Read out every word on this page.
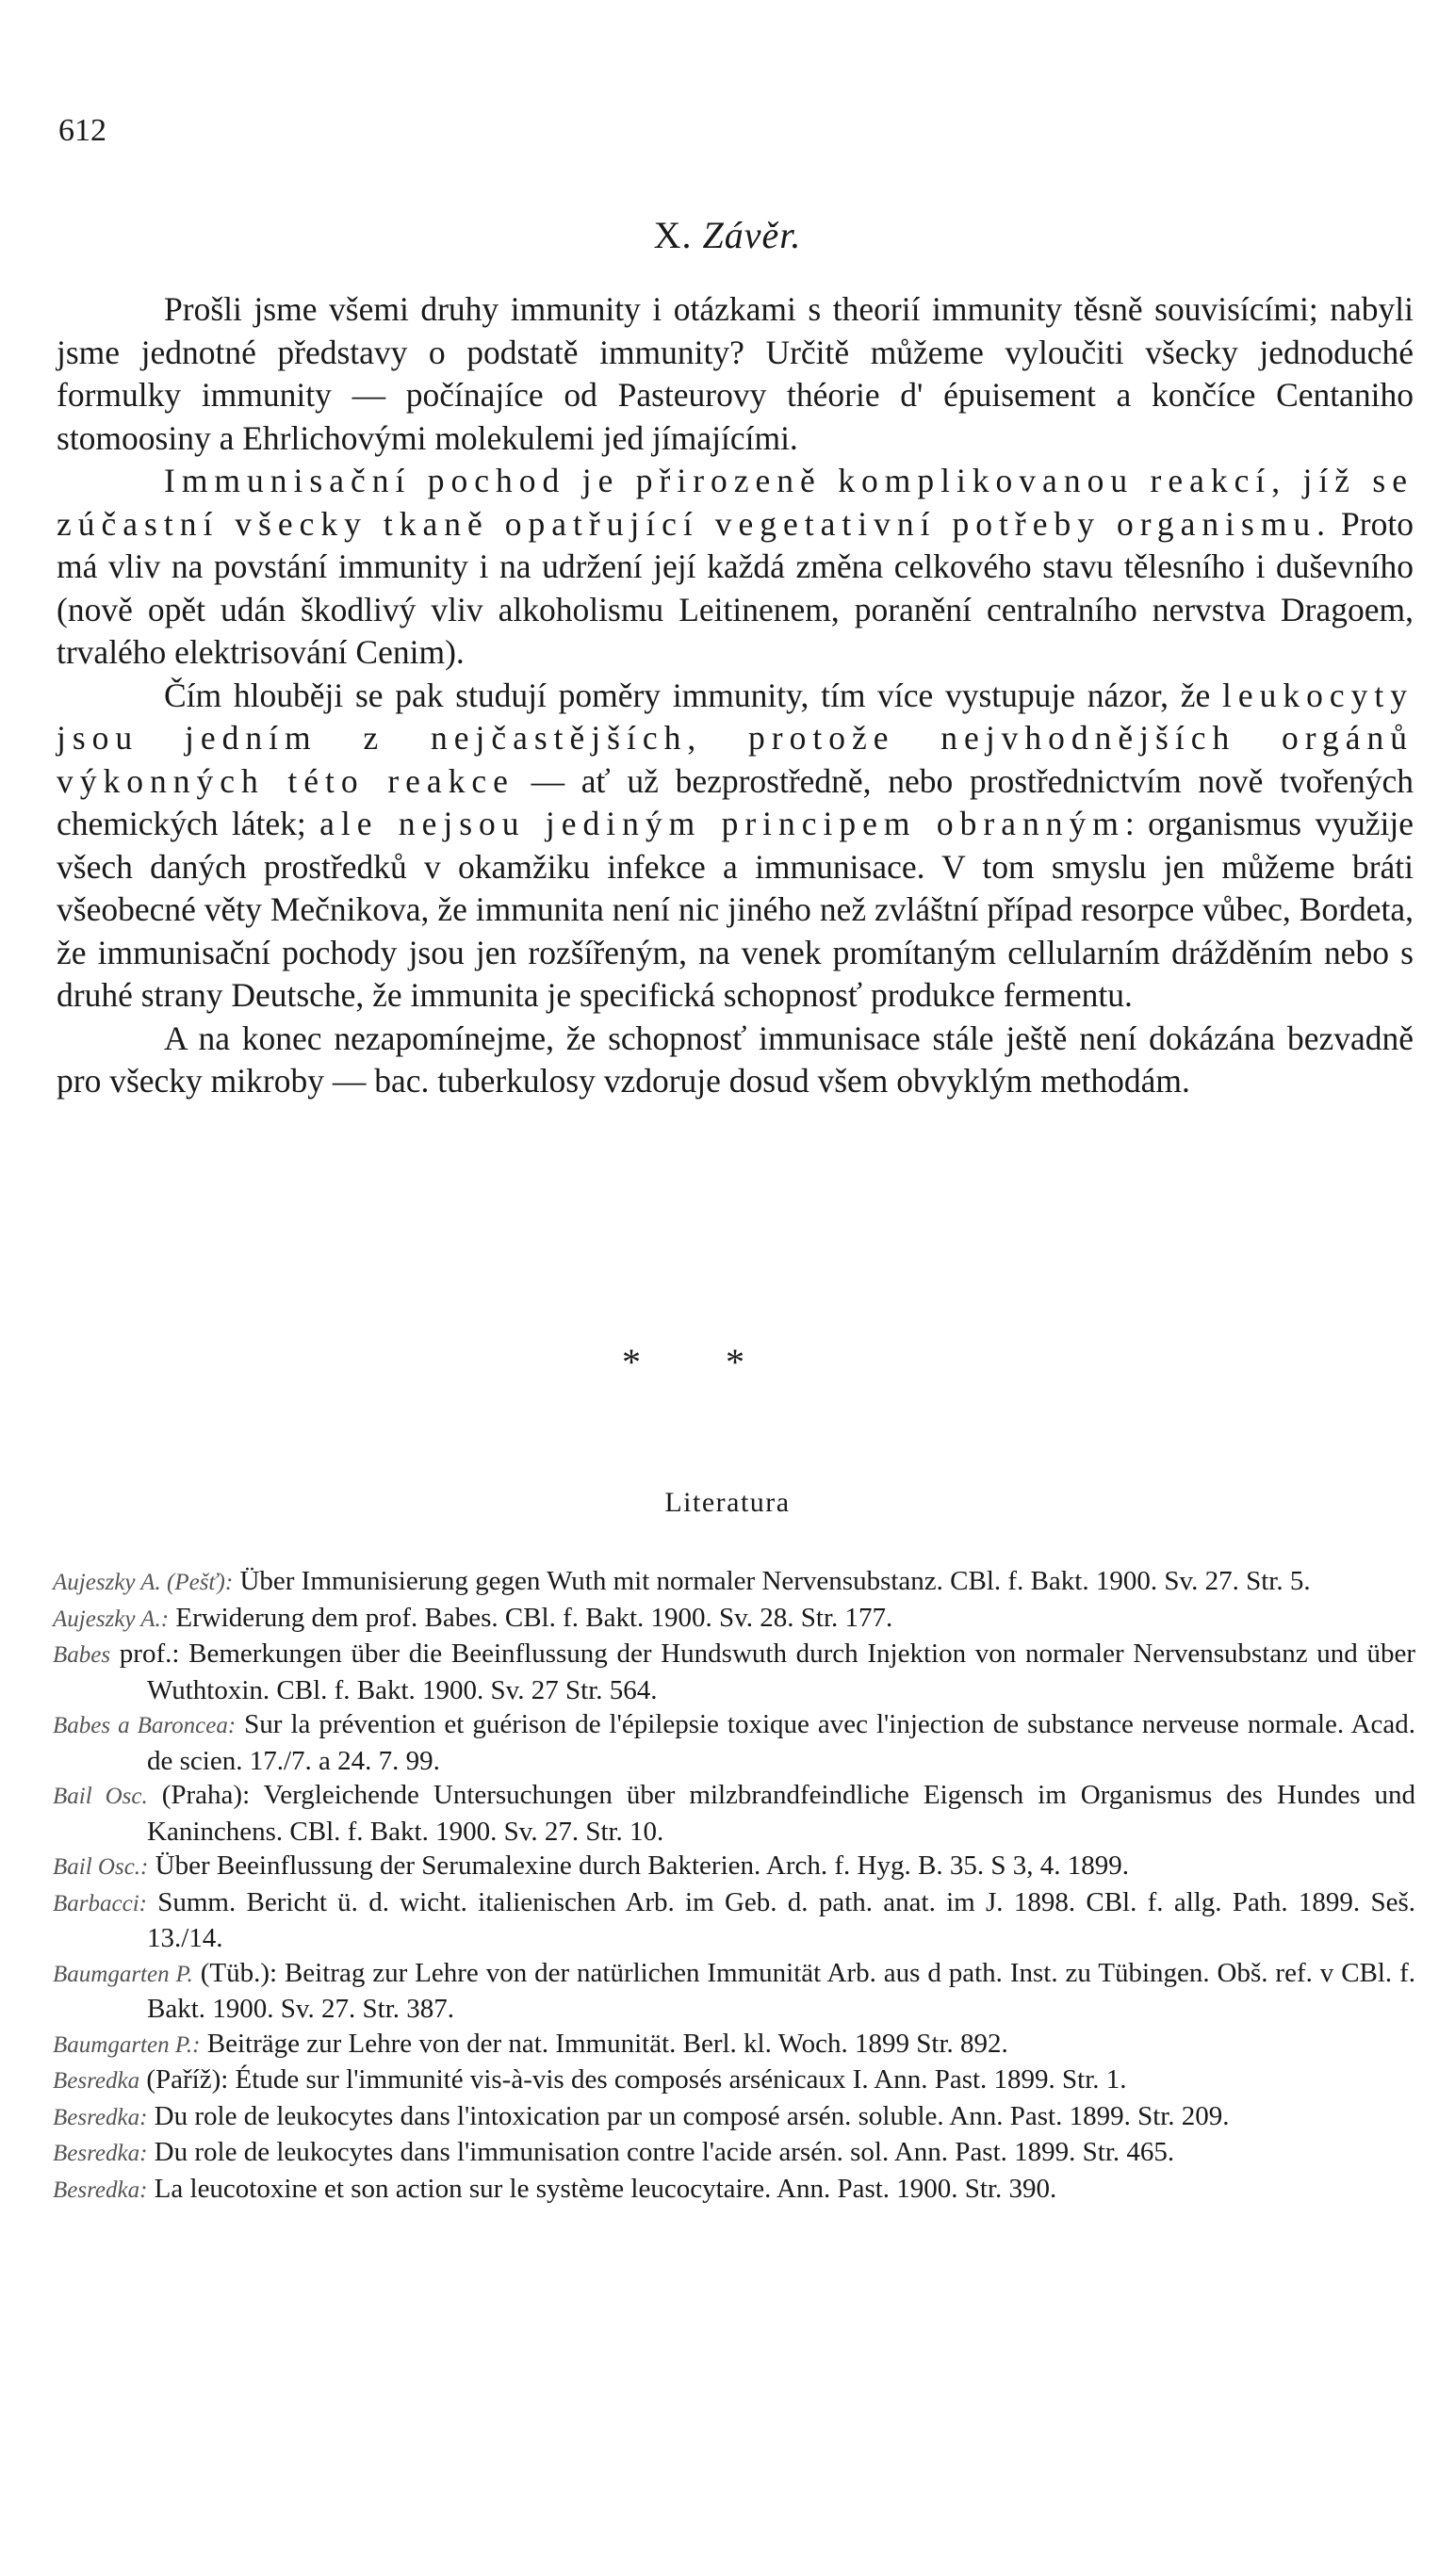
612
X. Závěr.

Prošli jsme všemi druhy immunity i otázkami s theorií immunity těsně souvisícími; nabyli jsme jednotné představy o podstatě immunity? Určitě můžeme vyloučiti všecky jednoduché formulky immunity — počínajíce od Pasteurovy théorie d' épuisement a končíce Centaniho stomoosiny a Ehrlichovými molekulemi jed jímajícími.

Immunisační pochod je přirozeně komplikovanou reakcí, jíž se zúčastní všecky tkaně opatřující vegetativní potřeby organismu. Proto má vliv na povstání immunity i na udržení její každá změna celkového stavu tělesního i duševního (nově opět udán škodlivý vliv alkoholismu Leitinenem, poranění centralního nervstva Dragoem, trvalého elektrisování Cenim).

Čím hlouběji se pak studují poměry immunity, tím více vystupuje názor, že leukocyty jsou jedním z nejčastějších, protože nejvhodnějších orgánů výkonných této reakce — ať už bezprostředně, nebo prostřednictvím nově tvořených chemických látek; ale nejsou jediným principem obranným: organismus využije všech daných prostředků v okamžiku infekce a immunisace. V tom smyslu jen můžeme bráti všeobecné věty Mečnikova, že immunita není nic jiného než zvláštní případ resorpce vůbec, Bordeta, že immunisační pochody jsou jen rozšířeným, na venek promítaným cellularním drážděním nebo s druhé strany Deutsche, že immunita je specifická schopnosť produkce fermentu.

A na konec nezapomínejme, že schopnosť immunisace stále ještě není dokázána bezvadně pro všecky mikroby — bac. tuberkulosy vzdoruje dosud všem obvyklým methodám.

* *
Literatura

Aujeszky A. (Pešť): Über Immunisierung gegen Wuth mit normaler Nervensubstanz. CBl. f. Bakt. 1900. Sv. 27. Str. 5.

Aujeszky A.: Erwiderung dem prof. Babes. CBl. f. Bakt. 1900. Sv. 28. Str. 177.

Babes prof.: Bemerkungen über die Beeinflussung der Hundswuth durch Injektion von normaler Nervensubstanz und über Wuthtoxin. CBl. f. Bakt. 1900. Sv. 27 Str. 564.

Babes a Baroncea: Sur la prévention et guérison de l'épilepsie toxique avec l'injection de substance nerveuse normale. Acad. de scien. 17./7. a 24. 7. 99.

Bail Osc. (Praha): Vergleichende Untersuchungen über milzbrandfeindliche Eigensch im Organismus des Hundes und Kaninchens. CBl. f. Bakt. 1900. Sv. 27. Str. 10.

Bail Osc.: Über Beeinflussung der Serumalexine durch Bakterien. Arch. f. Hyg. B. 35. S 3, 4. 1899.

Barbacci: Summ. Bericht ü. d. wicht. italienischen Arb. im Geb. d. path. anat. im J. 1898. CBl. f. allg. Path. 1899. Seš. 13./14.

Baumgarten P. (Tüb.): Beitrag zur Lehre von der natürlichen Immunität Arb. aus d path. Inst. zu Tübingen. Obš. ref. v CBl. f. Bakt. 1900. Sv. 27. Str. 387.

Baumgarten P.: Beiträge zur Lehre von der nat. Immunität. Berl. kl. Woch. 1899 Str. 892.

Besredka (Paříž): Étude sur l'immunité vis-à-vis des composés arsénicaux I. Ann. Past. 1899. Str. 1.

Besredka: Du role de leukocytes dans l'intoxication par un composé arsén. soluble. Ann. Past. 1899. Str. 209.

Besredka: Du role de leukocytes dans l'immunisation contre l'acide arsén. sol. Ann. Past. 1899. Str. 465.

Besredka: La leucotoxine et son action sur le système leucocytaire. Ann. Past. 1900. Str. 390.
